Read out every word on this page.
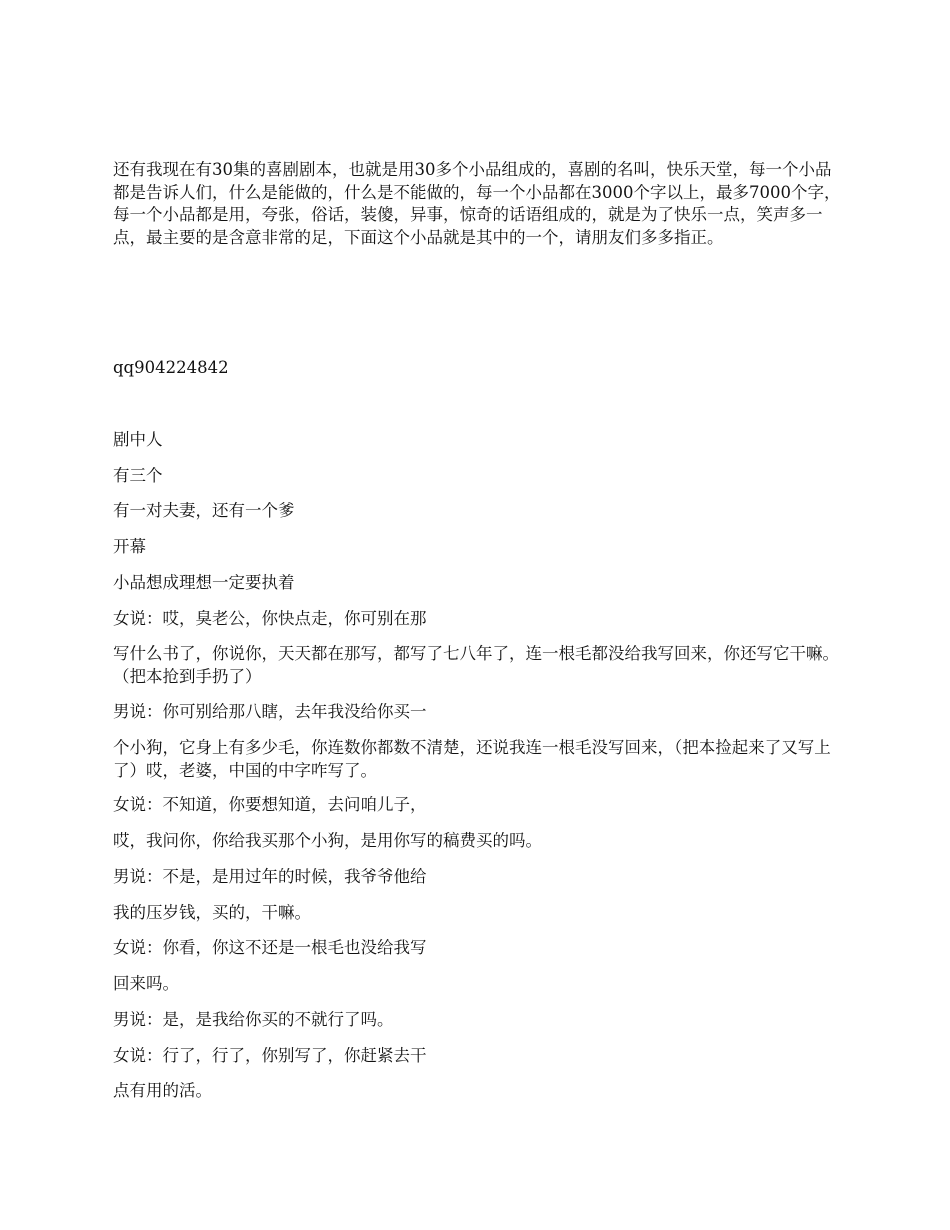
还有我现在有30集的喜剧剧本，也就是用30多个小品组成的，喜剧的名叫，快乐天堂，每一个小品都是告诉人们，什么是能做的，什么是不能做的，每一个小品都在3000个字以上，最多7000个字，每一个小品都是用，夸张，俗话，装傻，异事，惊奇的话语组成的，就是为了快乐一点，笑声多一点，最主要的是含意非常的足，下面这个小品就是其中的一个，请朋友们多多指正。

qq904224842

剧中人

有三个

有一对夫妻，还有一个爹

开幕

小品想成理想一定要执着

女说：哎，臭老公，你快点走，你可别在那

写什么书了，你说你，天天都在那写，都写了七八年了，连一根毛都没给我写回来，你还写它干嘛。（把本抢到手扔了）

男说：你可别给那八瞎，去年我没给你买一

个小狗，它身上有多少毛，你连数你都数不清楚，还说我连一根毛没写回来，（把本捡起来了又写上了）哎，老婆，中国的中字咋写了。

女说：不知道，你要想知道，去问咱儿子，

哎，我问你，你给我买那个小狗，是用你写的稿费买的吗。

男说：不是，是用过年的时候，我爷爷他给

我的压岁钱，买的，干嘛。

女说：你看，你这不还是一根毛也没给我写

回来吗。

男说：是，是我给你买的不就行了吗。

女说：行了，行了，你别写了，你赶紧去干

点有用的活。
